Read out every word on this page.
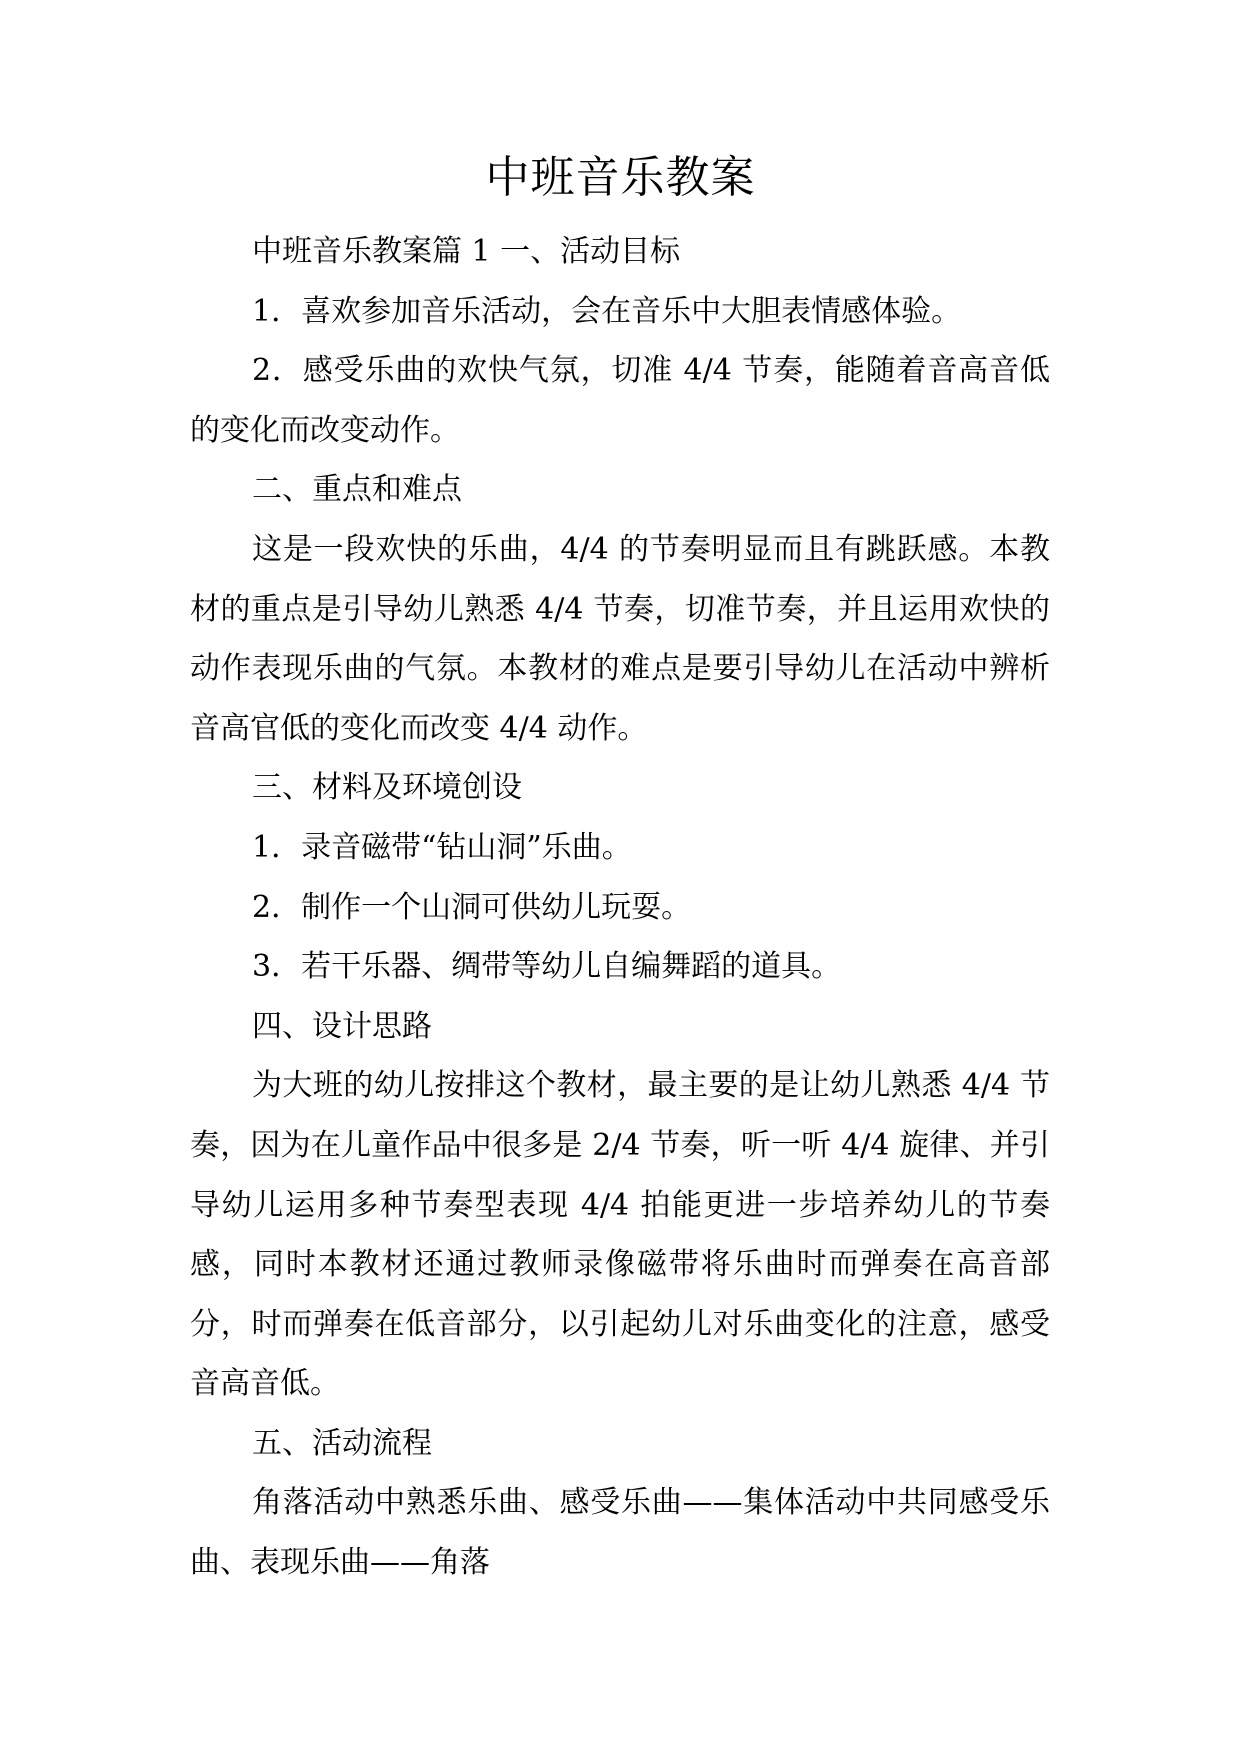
中班音乐教案

中班音乐教案篇 1 一、活动目标

1．喜欢参加音乐活动，会在音乐中大胆表情感体验。

2．感受乐曲的欢快气氛，切准 4/4 节奏，能随着音高音低的变化而改变动作。

二、重点和难点

这是一段欢快的乐曲，4/4 的节奏明显而且有跳跃感。本教材的重点是引导幼儿熟悉 4/4 节奏，切准节奏，并且运用欢快的动作表现乐曲的气氛。本教材的难点是要引导幼儿在活动中辨析音高官低的变化而改变 4/4 动作。

三、材料及环境创设

1．录音磁带“钻山洞”乐曲。

2．制作一个山洞可供幼儿玩耍。

3．若干乐器、绸带等幼儿自编舞蹈的道具。

四、设计思路

为大班的幼儿按排这个教材，最主要的是让幼儿熟悉 4/4 节奏，因为在儿童作品中很多是 2/4 节奏，听一听 4/4 旋律、并引导幼儿运用多种节奏型表现 4/4 拍能更进一步培养幼儿的节奏感，同时本教材还通过教师录像磁带将乐曲时而弹奏在高音部分，时而弹奏在低音部分，以引起幼儿对乐曲变化的注意，感受音高音低。

五、活动流程

角落活动中熟悉乐曲、感受乐曲——集体活动中共同感受乐曲、表现乐曲——角落
